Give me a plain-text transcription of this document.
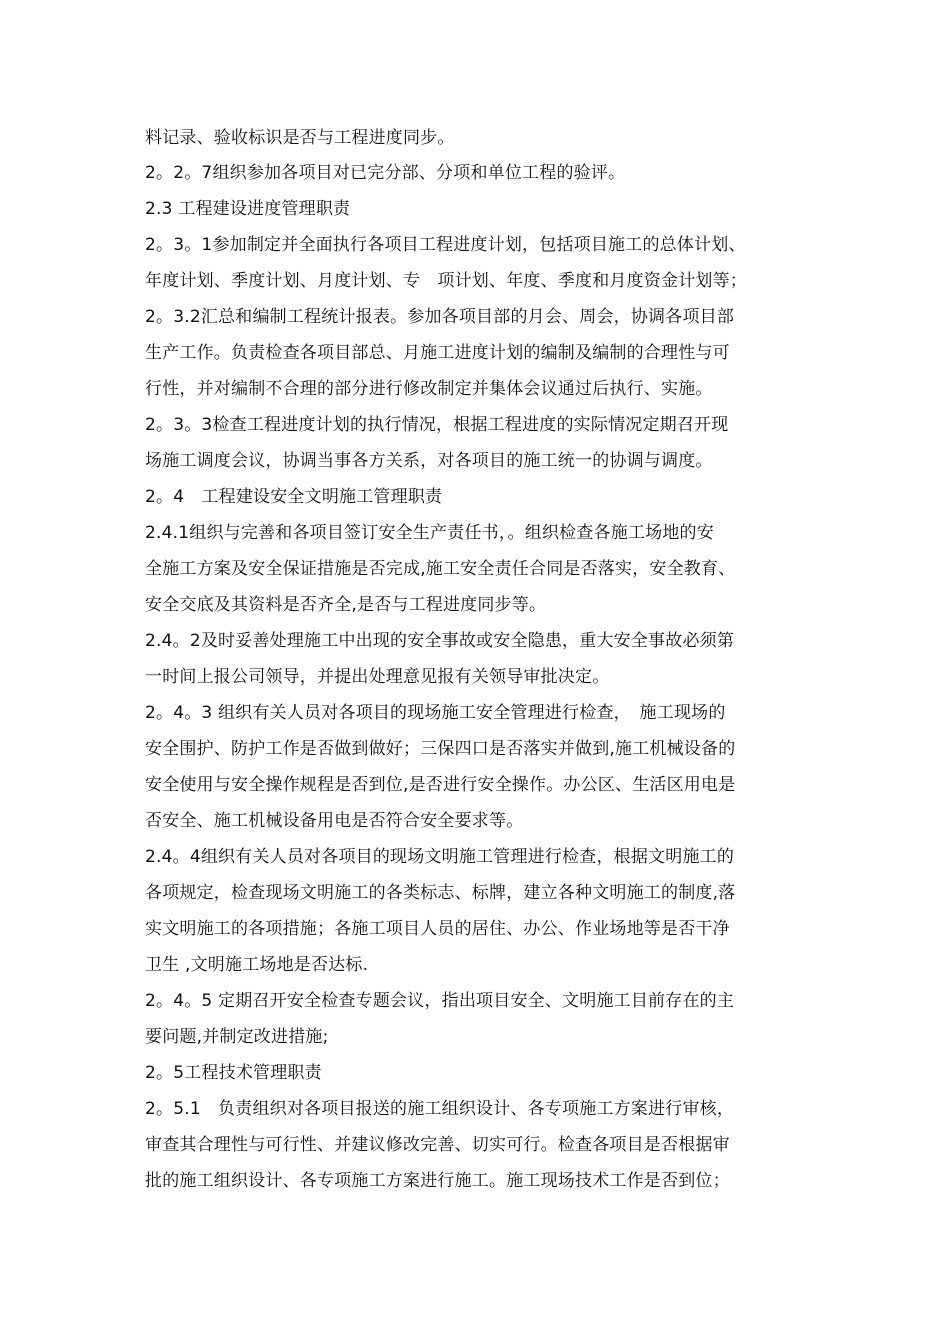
料记录、验收标识是否与工程进度同步。
2。2。7组织参加各项目对已完分部、分项和单位工程的验评。
2.3 工程建设进度管理职责
2。3。1参加制定并全面执行各项目工程进度计划，包括项目施工的总体计划、
年度计划、季度计划、月度计划、专　项计划、年度、季度和月度资金计划等；
2。3.2汇总和编制工程统计报表。参加各项目部的月会、周会，协调各项目部
生产工作。负责检查各项目部总、月施工进度计划的编制及编制的合理性与可
行性，并对编制不合理的部分进行修改制定并集体会议通过后执行、实施。
2。3。3检查工程进度计划的执行情况，根据工程进度的实际情况定期召开现
场施工调度会议，协调当事各方关系，对各项目的施工统一的协调与调度。
2。4　工程建设安全文明施工管理职责
2.4.1组织与完善和各项目签订安全生产责任书，。组织检查各施工场地的安
全施工方案及安全保证措施是否完成,施工安全责任合同是否落实，安全教育、
安全交底及其资料是否齐全,是否与工程进度同步等。
2.4。2及时妥善处理施工中出现的安全事故或安全隐患，重大安全事故必须第
一时间上报公司领导，并提出处理意见报有关领导审批决定。
2。4。3 组织有关人员对各项目的现场施工安全管理进行检查，　施工现场的
安全围护、防护工作是否做到做好；三保四口是否落实并做到,施工机械设备的
安全使用与安全操作规程是否到位,是否进行安全操作。办公区、生活区用电是
否安全、施工机械设备用电是否符合安全要求等。
2.4。4组织有关人员对各项目的现场文明施工管理进行检查，根据文明施工的
各项规定，检查现场文明施工的各类标志、标牌，建立各种文明施工的制度,落
实文明施工的各项措施；各施工项目人员的居住、办公、作业场地等是否干净
卫生 ,文明施工场地是否达标.
2。4。5 定期召开安全检查专题会议，指出项目安全、文明施工目前存在的主
要问题,并制定改进措施;
2。5工程技术管理职责
2。5.1　负责组织对各项目报送的施工组织设计、各专项施工方案进行审核，
审查其合理性与可行性、并建议修改完善、切实可行。检查各项目是否根据审
批的施工组织设计、各专项施工方案进行施工。施工现场技术工作是否到位；
